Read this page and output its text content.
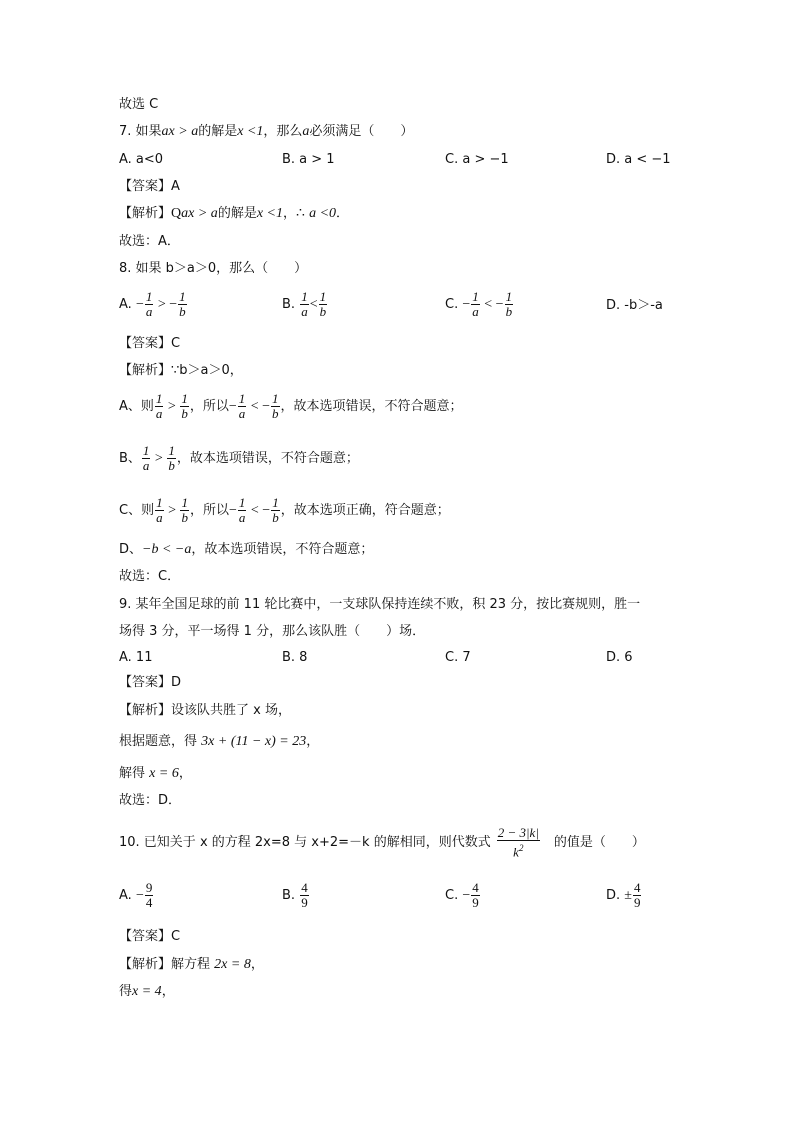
故选 C
7. 如果ax > a的解是x <1，那么a必须满足（　　）
A. a<0	B. a > 1	C. a > −1	D. a < −1
【答案】A
【解析】Qax > a的解是x <1，∴ a <0．
故选：A．
8. 如果 b＞a＞0，那么（　　）
A. − $\frac{1}{a}$ > − $\frac{1}{b}$	B. $\frac{1}{a} < \frac{1}{b}$	C. − $\frac{1}{a}$ < − $\frac{1}{b}$	D. -b＞-a
【答案】C
【解析】∵b＞a＞0，
A、则 $\frac{1}{a} > \frac{1}{b}$ ，所以− $\frac{1}{a}$ < − $\frac{1}{b}$ ，故本选项错误，不符合题意；
B、 $\frac{1}{a} > \frac{1}{b}$ ，故本选项错误，不符合题意；
C、则 $\frac{1}{a} > \frac{1}{b}$ ，所以− $\frac{1}{a}$ < − $\frac{1}{b}$ ，故本选项正确，符合题意；
D、−b < −a，故本选项错误，不符合题意；
故选：C．
9. 某年全国足球的前 11 轮比赛中，一支球队保持连续不败，积 23 分，按比赛规则，胜一
场得 3 分，平一场得 1 分，那么该队胜（　　）场．
A. 11	B. 8	C. 7	D. 6
【答案】D
【解析】设该队共胜了 x 场，
根据题意，得 3x + (11 − x) = 23，
解得 x = 6，
故选：D．
10. 已知关于 x 的方程 2x=8 与 x+2=－k 的解相同，则代数式 $\frac{2 - 3|k|}{k^2}$ 的值是（　　）
A. − $\frac{9}{4}$	B. $\frac{4}{9}$	C. − $\frac{4}{9}$	D. ± $\frac{4}{9}$
【答案】C
【解析】解方程 2x = 8，
得x = 4，
